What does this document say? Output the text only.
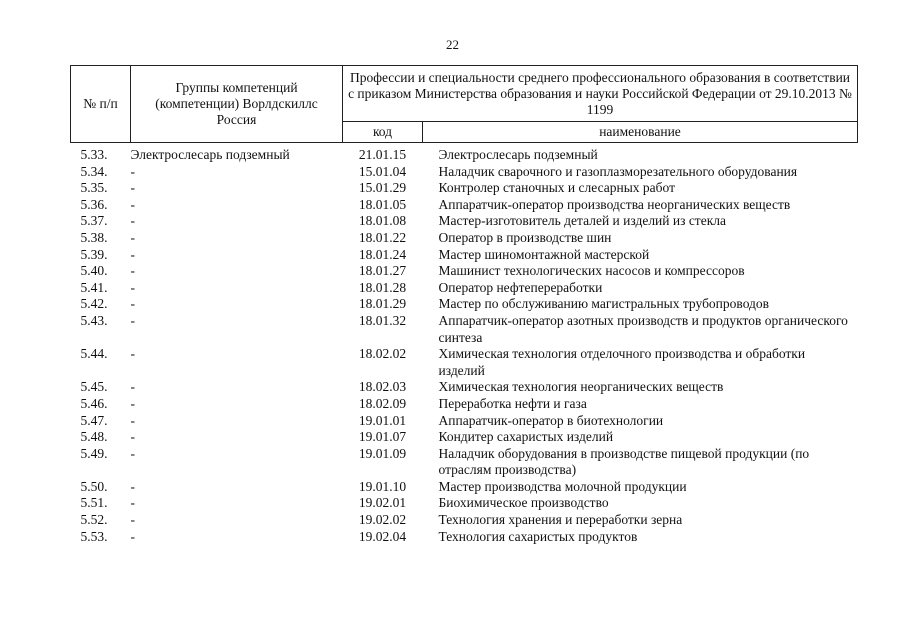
22
№ п/п	Группы компетенций (компетенции) Ворлдскиллс Россия	Профессии и специальности среднего профессионального образования в соответствии с приказом Министерства образования и науки Российской Федерации от 29.10.2013 № 1199	
		код	наименование
5.33.	Электрослесарь подземный	21.01.15	Электрослесарь подземный
5.34.	-	15.01.04	Наладчик сварочного и газоплазморезательного оборудования
5.35.	-	15.01.29	Контролер станочных и слесарных работ
5.36.	-	18.01.05	Аппаратчик-оператор производства неорганических веществ
5.37.	-	18.01.08	Мастер-изготовитель деталей и изделий из стекла
5.38.	-	18.01.22	Оператор в производстве шин
5.39.	-	18.01.24	Мастер шиномонтажной мастерской
5.40.	-	18.01.27	Машинист технологических насосов и компрессоров
5.41.	-	18.01.28	Оператор нефтепереработки
5.42.	-	18.01.29	Мастер по обслуживанию магистральных трубопроводов
5.43.	-	18.01.32	Аппаратчик-оператор азотных производств и продуктов органического синтеза
5.44.	-	18.02.02	Химическая технология отделочного производства и обработки изделий
5.45.	-	18.02.03	Химическая технология неорганических веществ
5.46.	-	18.02.09	Переработка нефти и газа
5.47.	-	19.01.01	Аппаратчик-оператор в биотехнологии
5.48.	-	19.01.07	Кондитер сахаристых изделий
5.49.	-	19.01.09	Наладчик оборудования в производстве пищевой продукции (по отраслям производства)
5.50.	-	19.01.10	Мастер производства молочной продукции
5.51.	-	19.02.01	Биохимическое производство
5.52.	-	19.02.02	Технология хранения и переработки зерна
5.53.	-	19.02.04	Технология сахаристых продуктов
